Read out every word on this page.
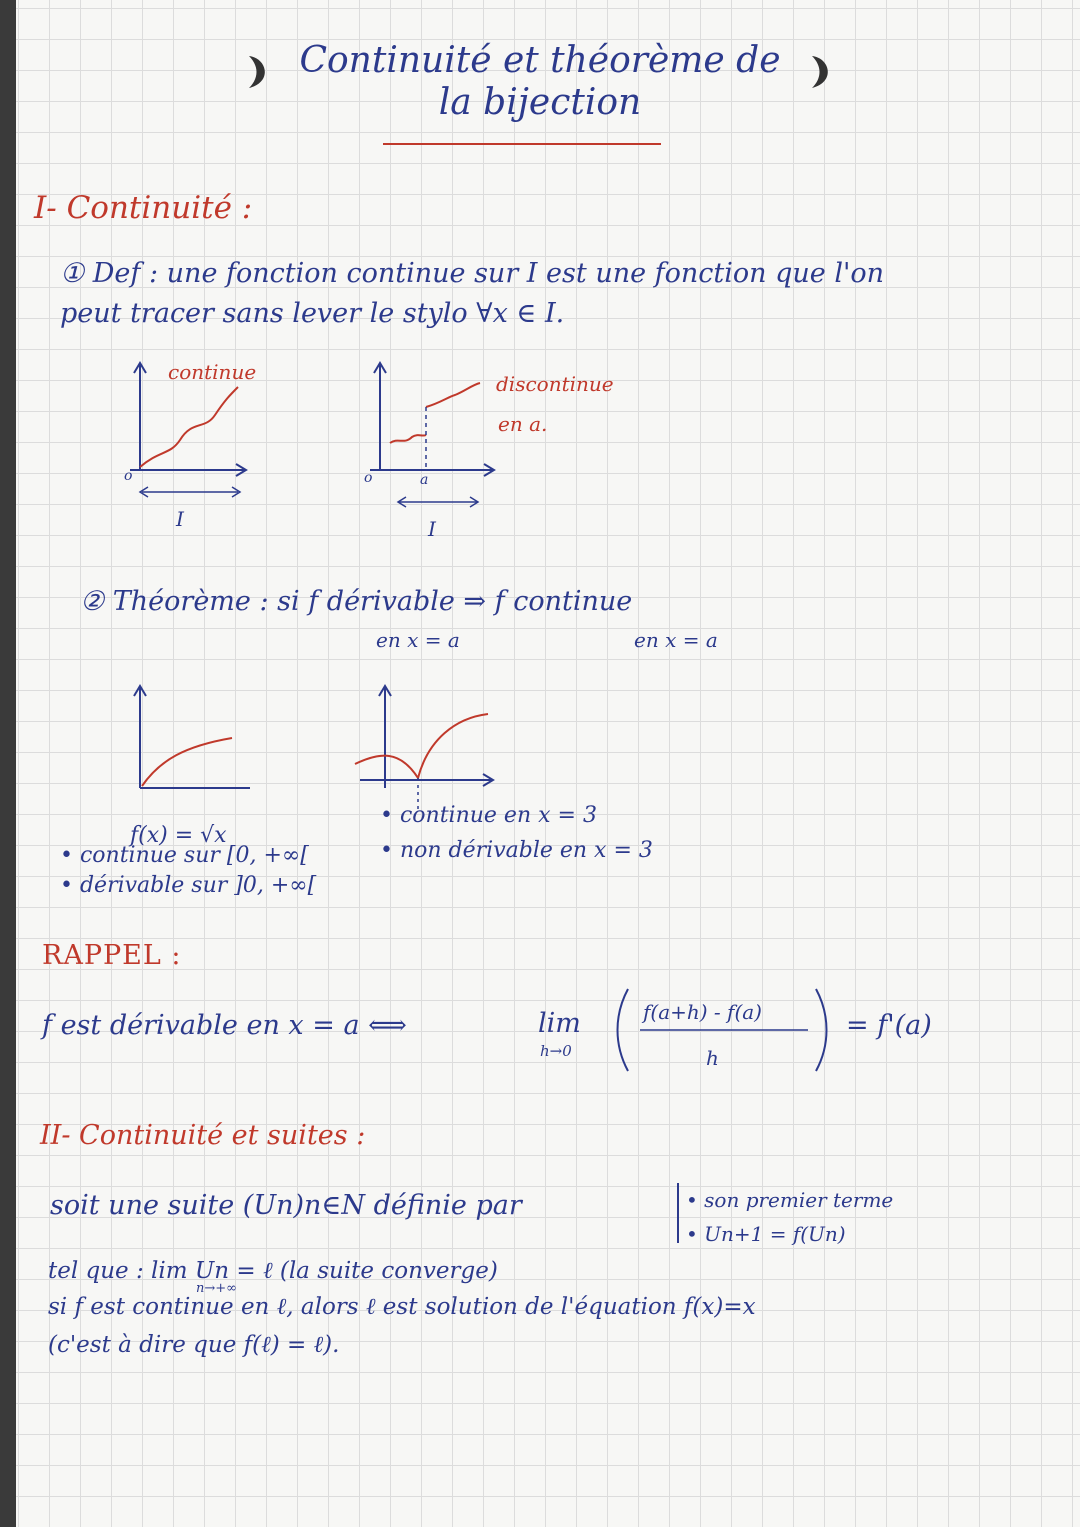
Continuité et théorème de
la bijection
I- Continuité :
① Def : une fonction continue sur I est une fonction que l'on
peut tracer sans lever le stylo ∀x ∈ I.
continue
o
I
discontinue
en a.
o	a
I
② Théorème : si f dérivable ⇒ f continue
en x = a	en x = a
f(x) = √x
• continue sur [0, +∞[
• dérivable sur ]0, +∞[
• continue en x = 3
• non dérivable en x = 3
RAPPEL :
f est dérivable en x = a ⟺	lim
h→0
f(a+h) - f(a)
h
= f'(a)
II- Continuité et suites :
soit une suite (Un)n∈N définie par	• son premier terme
• Un+1 = f(Un)
tel que : lim Un = ℓ (la suite converge)
n→+∞
si f est continue en ℓ, alors ℓ est solution de l'équation f(x)=x
(c'est à dire que f(ℓ) = ℓ).
